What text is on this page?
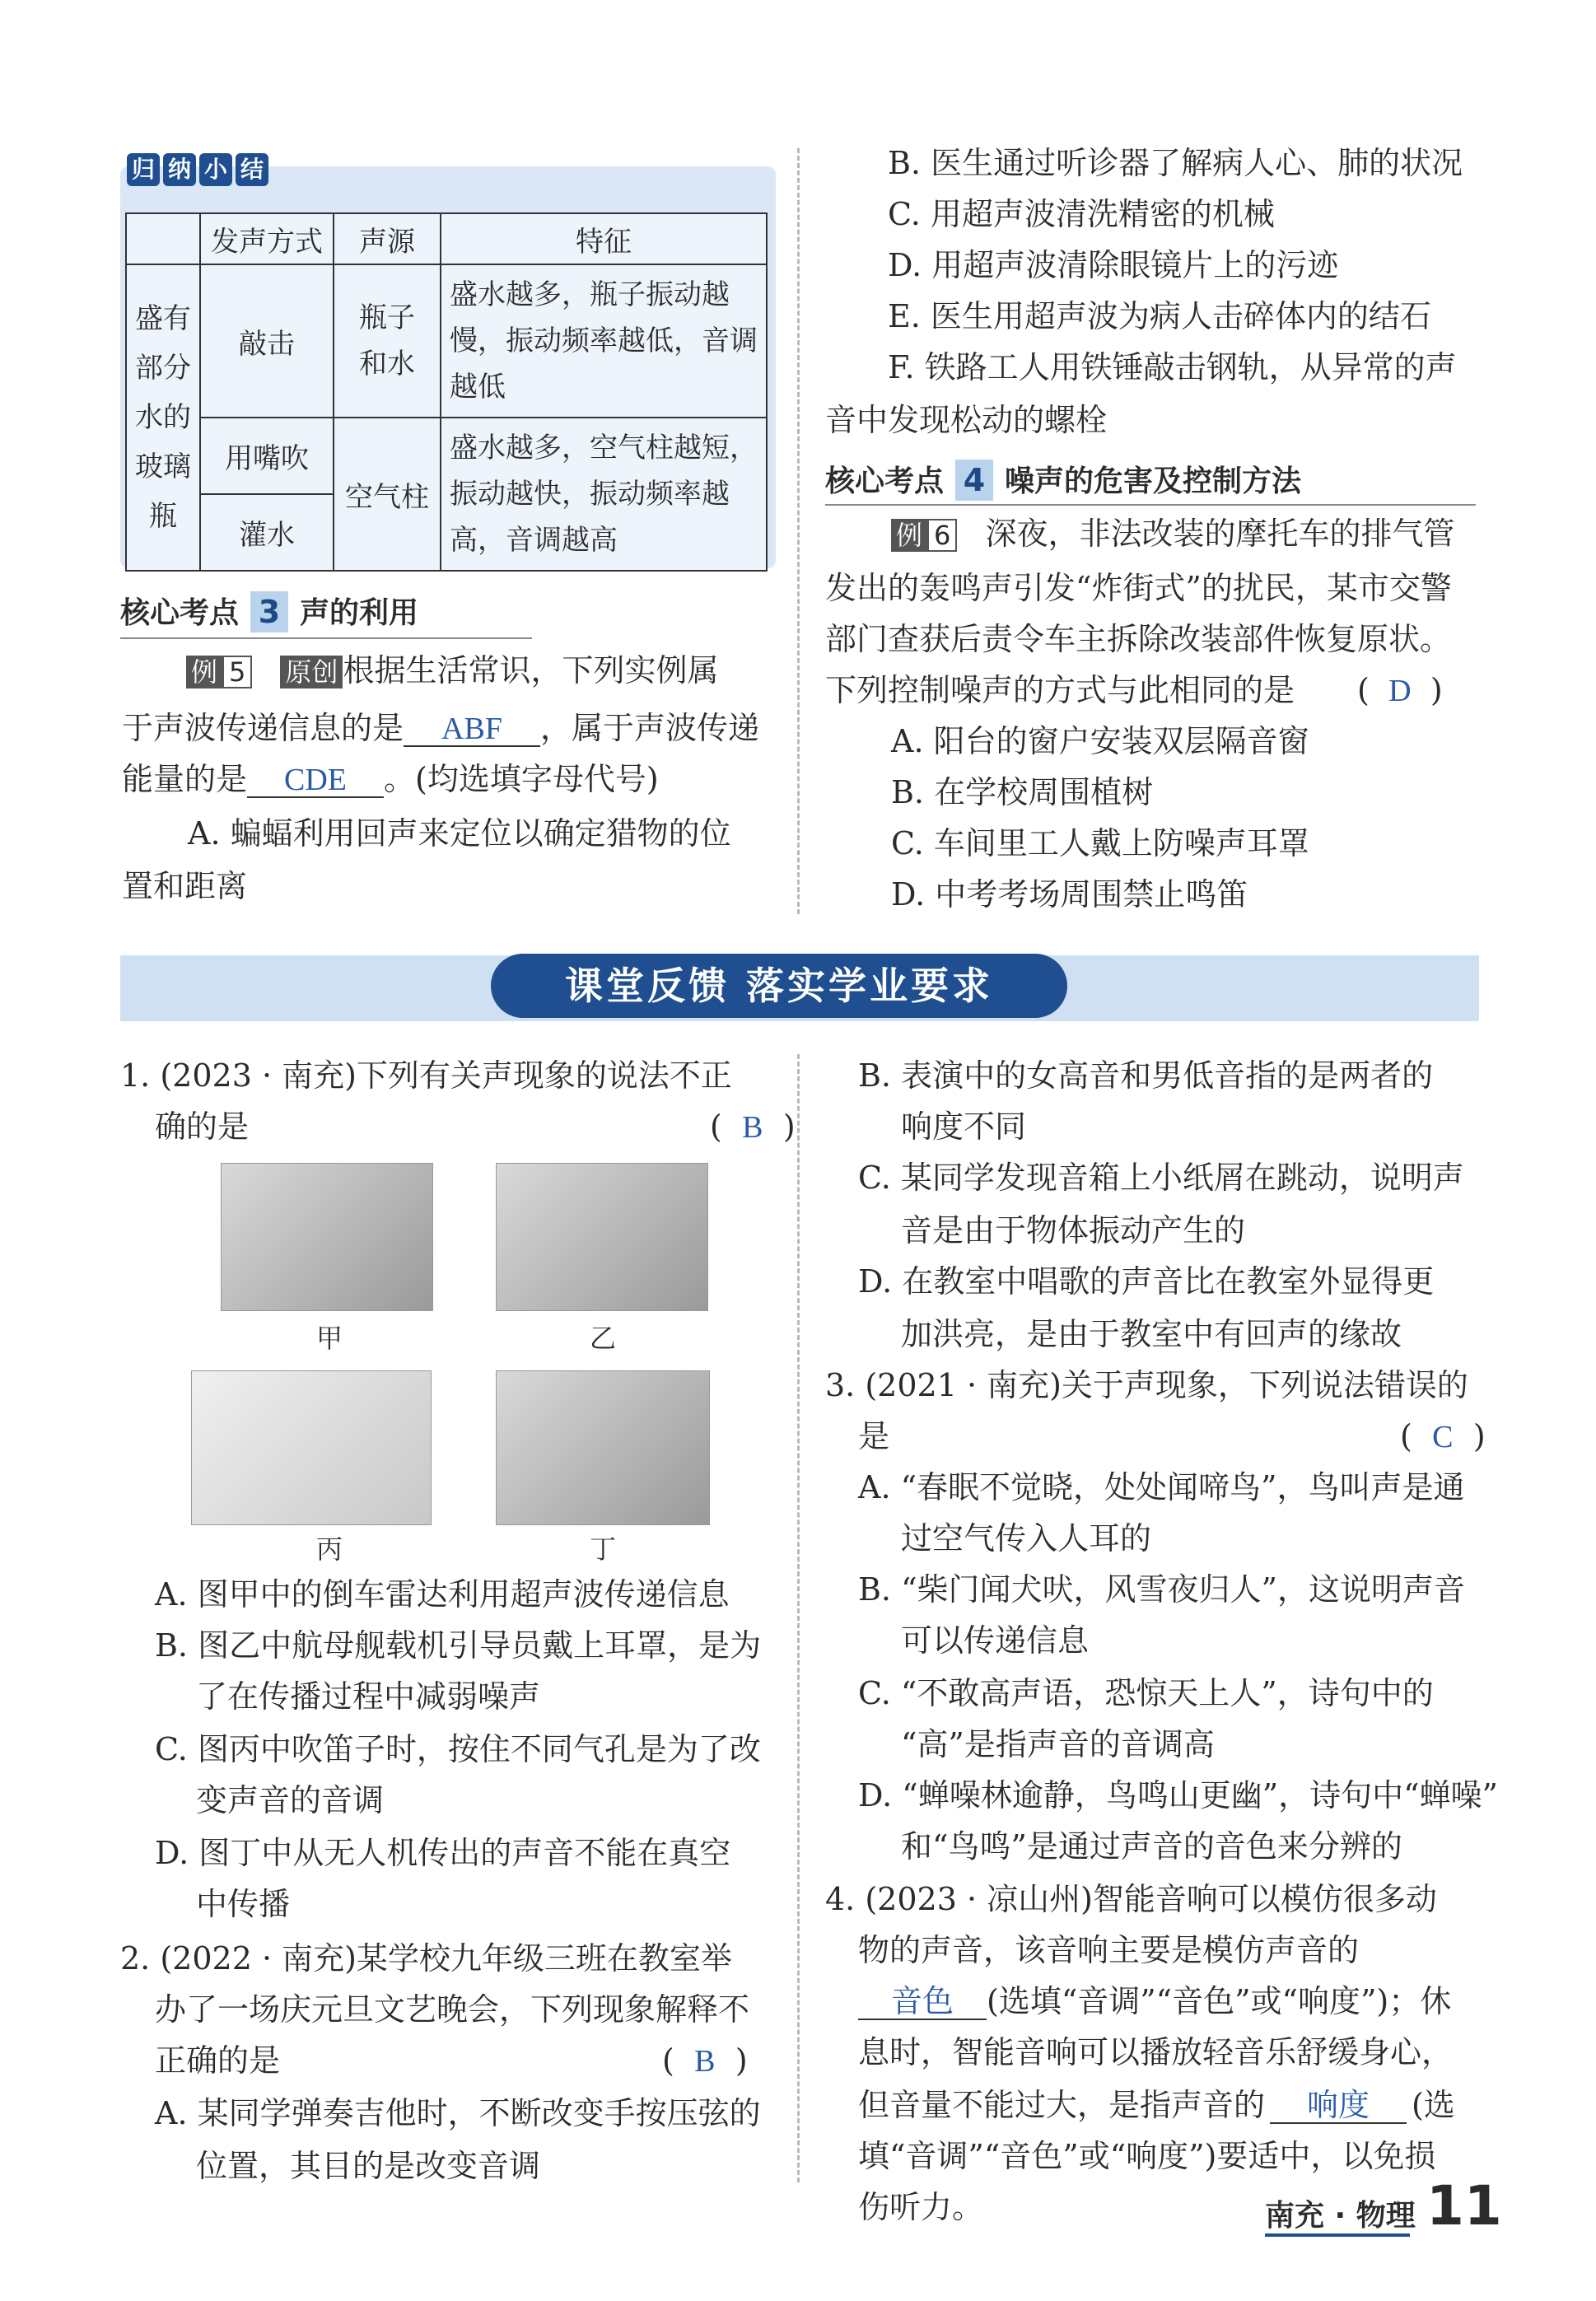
归 纳 小 结
	发声方式	声源	特征
盛有部分水的玻璃瓶	敲击	瓶子和水	盛水越多，瓶子振动越慢，振动频率越低，音调越低
	用嘴吹	空气柱	盛水越多，空气柱越短，振动越快，振动频率越高，音调越高
	灌水		
核心考点 3 声的利用
例 5 原创 根据生活常识，下列实例属
于声波传递信息的是 ABF ，属于声波传递
能量的是 CDE 。(均选填字母代号)
A. 蝙蝠利用回声来定位以确定猎物的位
置和距离
B. 医生通过听诊器了解病人心、肺的状况
C. 用超声波清洗精密的机械
D. 用超声波清除眼镜片上的污迹
E. 医生用超声波为病人击碎体内的结石
F. 铁路工人用铁锤敲击钢轨，从异常的声
音中发现松动的螺栓
核心考点 4 噪声的危害及控制方法
例 6 深夜，非法改装的摩托车的排气管
发出的轰鸣声引发“炸街式”的扰民，某市交警
部门查获后责令车主拆除改装部件恢复原状。
下列控制噪声的方式与此相同的是 ( D )
A. 阳台的窗户安装双层隔音窗
B. 在学校周围植树
C. 车间里工人戴上防噪声耳罩
D. 中考考场周围禁止鸣笛
课堂反馈 落实学业要求
1. (2023 · 南充)下列有关声现象的说法不正
确的是	( B )
甲	乙
丙	丁
A. 图甲中的倒车雷达利用超声波传递信息
B. 图乙中航母舰载机引导员戴上耳罩，是为
了在传播过程中减弱噪声
C. 图丙中吹笛子时，按住不同气孔是为了改
变声音的音调
D. 图丁中从无人机传出的声音不能在真空
中传播
2. (2022 · 南充)某学校九年级三班在教室举
办了一场庆元旦文艺晚会，下列现象解释不
正确的是	( B )
A. 某同学弹奏吉他时，不断改变手按压弦的
位置，其目的是改变音调
B. 表演中的女高音和男低音指的是两者的
响度不同
C. 某同学发现音箱上小纸屑在跳动，说明声
音是由于物体振动产生的
D. 在教室中唱歌的声音比在教室外显得更
加洪亮，是由于教室中有回声的缘故
3. (2021 · 南充)关于声现象，下列说法错误的
是	( C )
A. “春眠不觉晓，处处闻啼鸟”，鸟叫声是通
过空气传入人耳的
B. “柴门闻犬吠，风雪夜归人”，这说明声音
可以传递信息
C. “不敢高声语，恐惊天上人”，诗句中的
“高”是指声音的音调高
D. “蝉噪林逾静，鸟鸣山更幽”，诗句中“蝉噪”
和“鸟鸣”是通过声音的音色来分辨的
4. (2023 · 凉山州)智能音响可以模仿很多动
物的声音，该音响主要是模仿声音的
音色 (选填“音调”“音色”或“响度”)；休
息时，智能音响可以播放轻音乐舒缓身心，
但音量不能过大，是指声音的 响度 (选
填“音调”“音色”或“响度”)要适中，以免损
伤听力。	南充 · 物理 11
